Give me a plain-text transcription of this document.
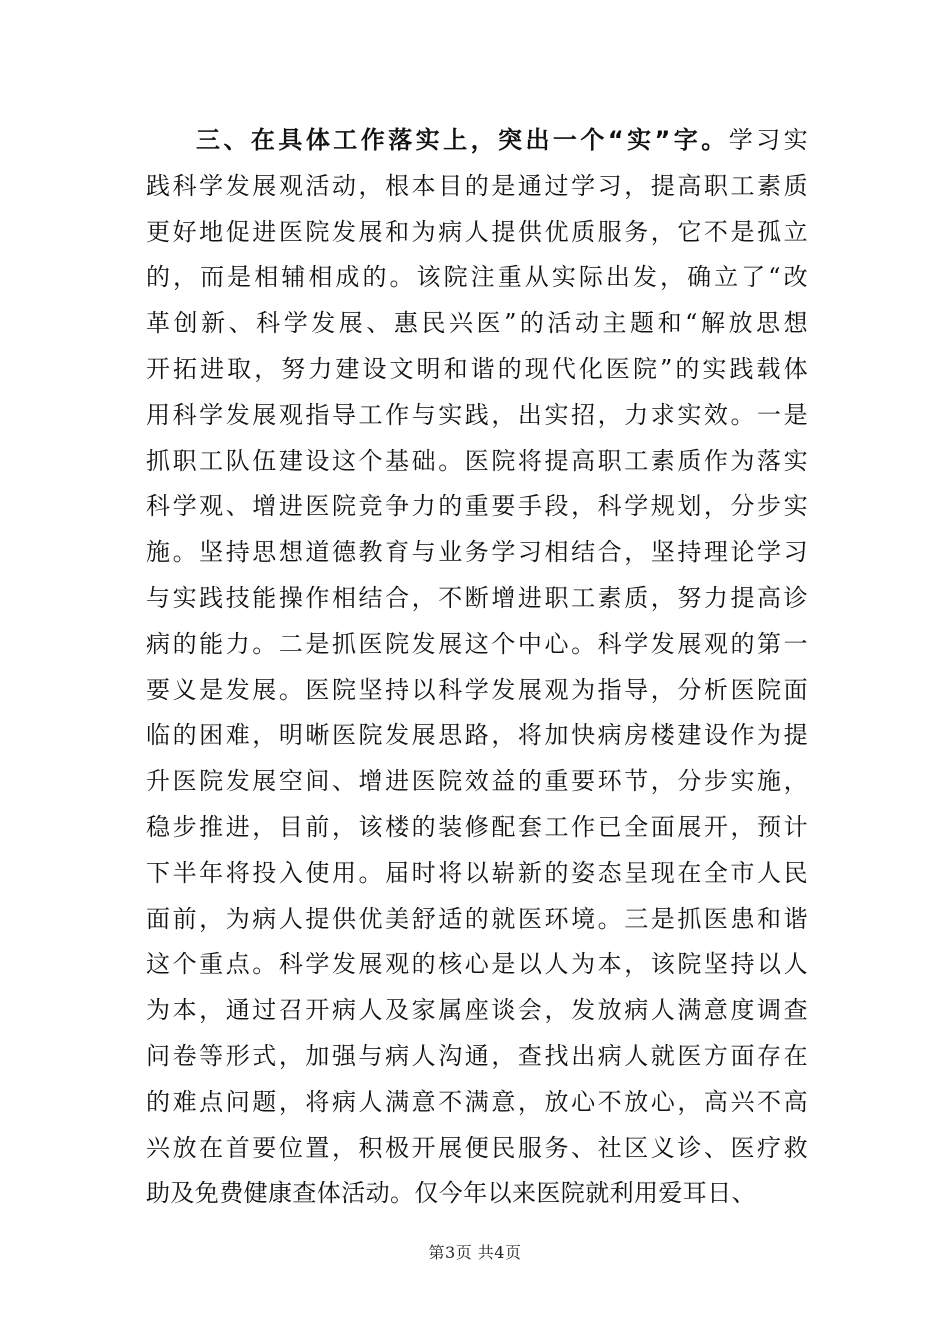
三、在具体工作落实上，突出一个“实”字。学习实
践科学发展观活动，根本目的是通过学习，提高职工素质
更好地促进医院发展和为病人提供优质服务，它不是孤立
的，而是相辅相成的。该院注重从实际出发，确立了“改
革创新、科学发展、惠民兴医”的活动主题和“解放思想
开拓进取，努力建设文明和谐的现代化医院”的实践载体
用科学发展观指导工作与实践，出实招，力求实效。一是
抓职工队伍建设这个基础。医院将提高职工素质作为落实
科学观、增进医院竞争力的重要手段，科学规划，分步实
施。坚持思想道德教育与业务学习相结合，坚持理论学习
与实践技能操作相结合，不断增进职工素质，努力提高诊
病的能力。二是抓医院发展这个中心。科学发展观的第一
要义是发展。医院坚持以科学发展观为指导，分析医院面
临的困难，明晰医院发展思路，将加快病房楼建设作为提
升医院发展空间、增进医院效益的重要环节，分步实施，
稳步推进，目前，该楼的装修配套工作已全面展开，预计
下半年将投入使用。届时将以崭新的姿态呈现在全市人民
面前，为病人提供优美舒适的就医环境。三是抓医患和谐
这个重点。科学发展观的核心是以人为本，该院坚持以人
为本，通过召开病人及家属座谈会，发放病人满意度调查
问卷等形式，加强与病人沟通，查找出病人就医方面存在
的难点问题，将病人满意不满意，放心不放心，高兴不高
兴放在首要位置，积极开展便民服务、社区义诊、医疗救
助及免费健康查体活动。仅今年以来医院就利用爱耳日、
第3页 共4页
